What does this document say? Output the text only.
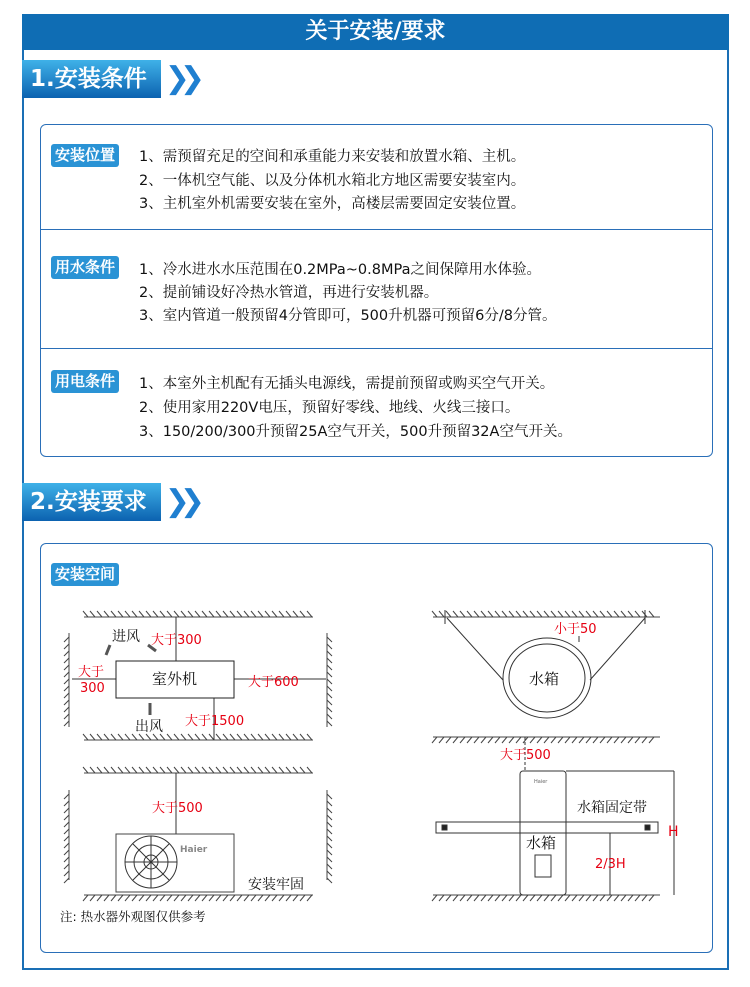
关于安装/要求
1.安装条件 ❯❯
安装位置 1、需预留充足的空间和承重能力来安装和放置水箱、主机。
2、一体机空气能、以及分体机水箱北方地区需要安装室内。
3、主机室外机需要安装在室外，高楼层需要固定安装位置。
用水条件 1、冷水进水水压范围在0.2MPa~0.8MPa之间保障用水体验。
2、提前铺设好冷热水管道，再进行安装机器。
3、室内管道一般预留4分管即可，500升机器可预留6分/8分管。
用电条件 1、本室外主机配有无插头电源线，需提前预留或购买空气开关。
2、使用家用220V电压，预留好零线、地线、火线三接口。
3、150/200/300升预留25A空气开关，500升预留32A空气开关。
2.安装要求 ❯❯
安装空间
进风 大于300
大于
300
室外机	大于600
出风 大于1500
Haier
大于500
安装牢固
小于50
水箱
Haier
大于500
水箱固定带
水箱
H
2/3H
注: 热水器外观图仅供参考
